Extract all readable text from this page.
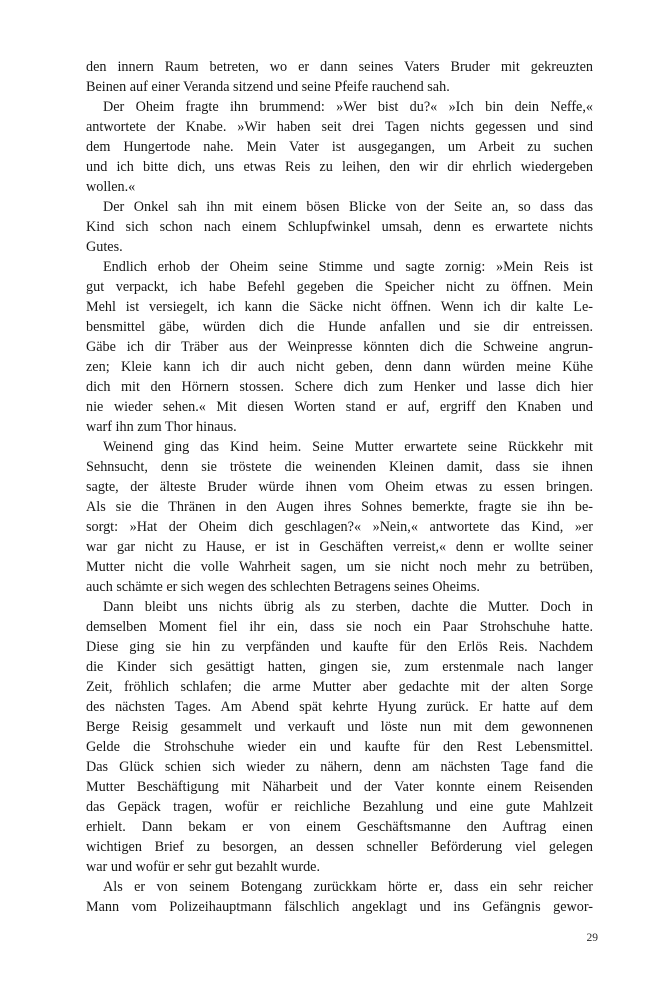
den innern Raum betreten, wo er dann seines Vaters Bruder mit gekreuzten
Beinen auf einer Veranda sitzend und seine Pfeife rauchend sah.
Der Oheim fragte ihn brummend: »Wer bist du?« »Ich bin dein Neffe,«
antwortete der Knabe. »Wir haben seit drei Tagen nichts gegessen und sind
dem Hungertode nahe. Mein Vater ist ausgegangen, um Arbeit zu suchen
und ich bitte dich, uns etwas Reis zu leihen, den wir dir ehrlich wiedergeben
wollen.«
Der Onkel sah ihn mit einem bösen Blicke von der Seite an, so dass das
Kind sich schon nach einem Schlupfwinkel umsah, denn es erwartete nichts
Gutes.
Endlich erhob der Oheim seine Stimme und sagte zornig: »Mein Reis ist
gut verpackt, ich habe Befehl gegeben die Speicher nicht zu öffnen. Mein
Mehl ist versiegelt, ich kann die Säcke nicht öffnen. Wenn ich dir kalte Le-
bensmittel gäbe, würden dich die Hunde anfallen und sie dir entreissen.
Gäbe ich dir Träber aus der Weinpresse könnten dich die Schweine angrun-
zen; Kleie kann ich dir auch nicht geben, denn dann würden meine Kühe
dich mit den Hörnern stossen. Schere dich zum Henker und lasse dich hier
nie wieder sehen.« Mit diesen Worten stand er auf, ergriff den Knaben und
warf ihn zum Thor hinaus.
Weinend ging das Kind heim. Seine Mutter erwartete seine Rückkehr mit
Sehnsucht, denn sie tröstete die weinenden Kleinen damit, dass sie ihnen
sagte, der älteste Bruder würde ihnen vom Oheim etwas zu essen bringen.
Als sie die Thränen in den Augen ihres Sohnes bemerkte, fragte sie ihn be-
sorgt: »Hat der Oheim dich geschlagen?« »Nein,« antwortete das Kind, »er
war gar nicht zu Hause, er ist in Geschäften verreist,« denn er wollte seiner
Mutter nicht die volle Wahrheit sagen, um sie nicht noch mehr zu betrüben,
auch schämte er sich wegen des schlechten Betragens seines Oheims.
Dann bleibt uns nichts übrig als zu sterben, dachte die Mutter. Doch in
demselben Moment fiel ihr ein, dass sie noch ein Paar Strohschuhe hatte.
Diese ging sie hin zu verpfänden und kaufte für den Erlös Reis. Nachdem
die Kinder sich gesättigt hatten, gingen sie, zum erstenmale nach langer
Zeit, fröhlich schlafen; die arme Mutter aber gedachte mit der alten Sorge
des nächsten Tages. Am Abend spät kehrte Hyung zurück. Er hatte auf dem
Berge Reisig gesammelt und verkauft und löste nun mit dem gewonnenen
Gelde die Strohschuhe wieder ein und kaufte für den Rest Lebensmittel.
Das Glück schien sich wieder zu nähern, denn am nächsten Tage fand die
Mutter Beschäftigung mit Näharbeit und der Vater konnte einem Reisenden
das Gepäck tragen, wofür er reichliche Bezahlung und eine gute Mahlzeit
erhielt. Dann bekam er von einem Geschäftsmanne den Auftrag einen
wichtigen Brief zu besorgen, an dessen schneller Beförderung viel gelegen
war und wofür er sehr gut bezahlt wurde.
Als er von seinem Botengang zurückkam hörte er, dass ein sehr reicher
Mann vom Polizeihauptmann fälschlich angeklagt und ins Gefängnis gewor-
29
